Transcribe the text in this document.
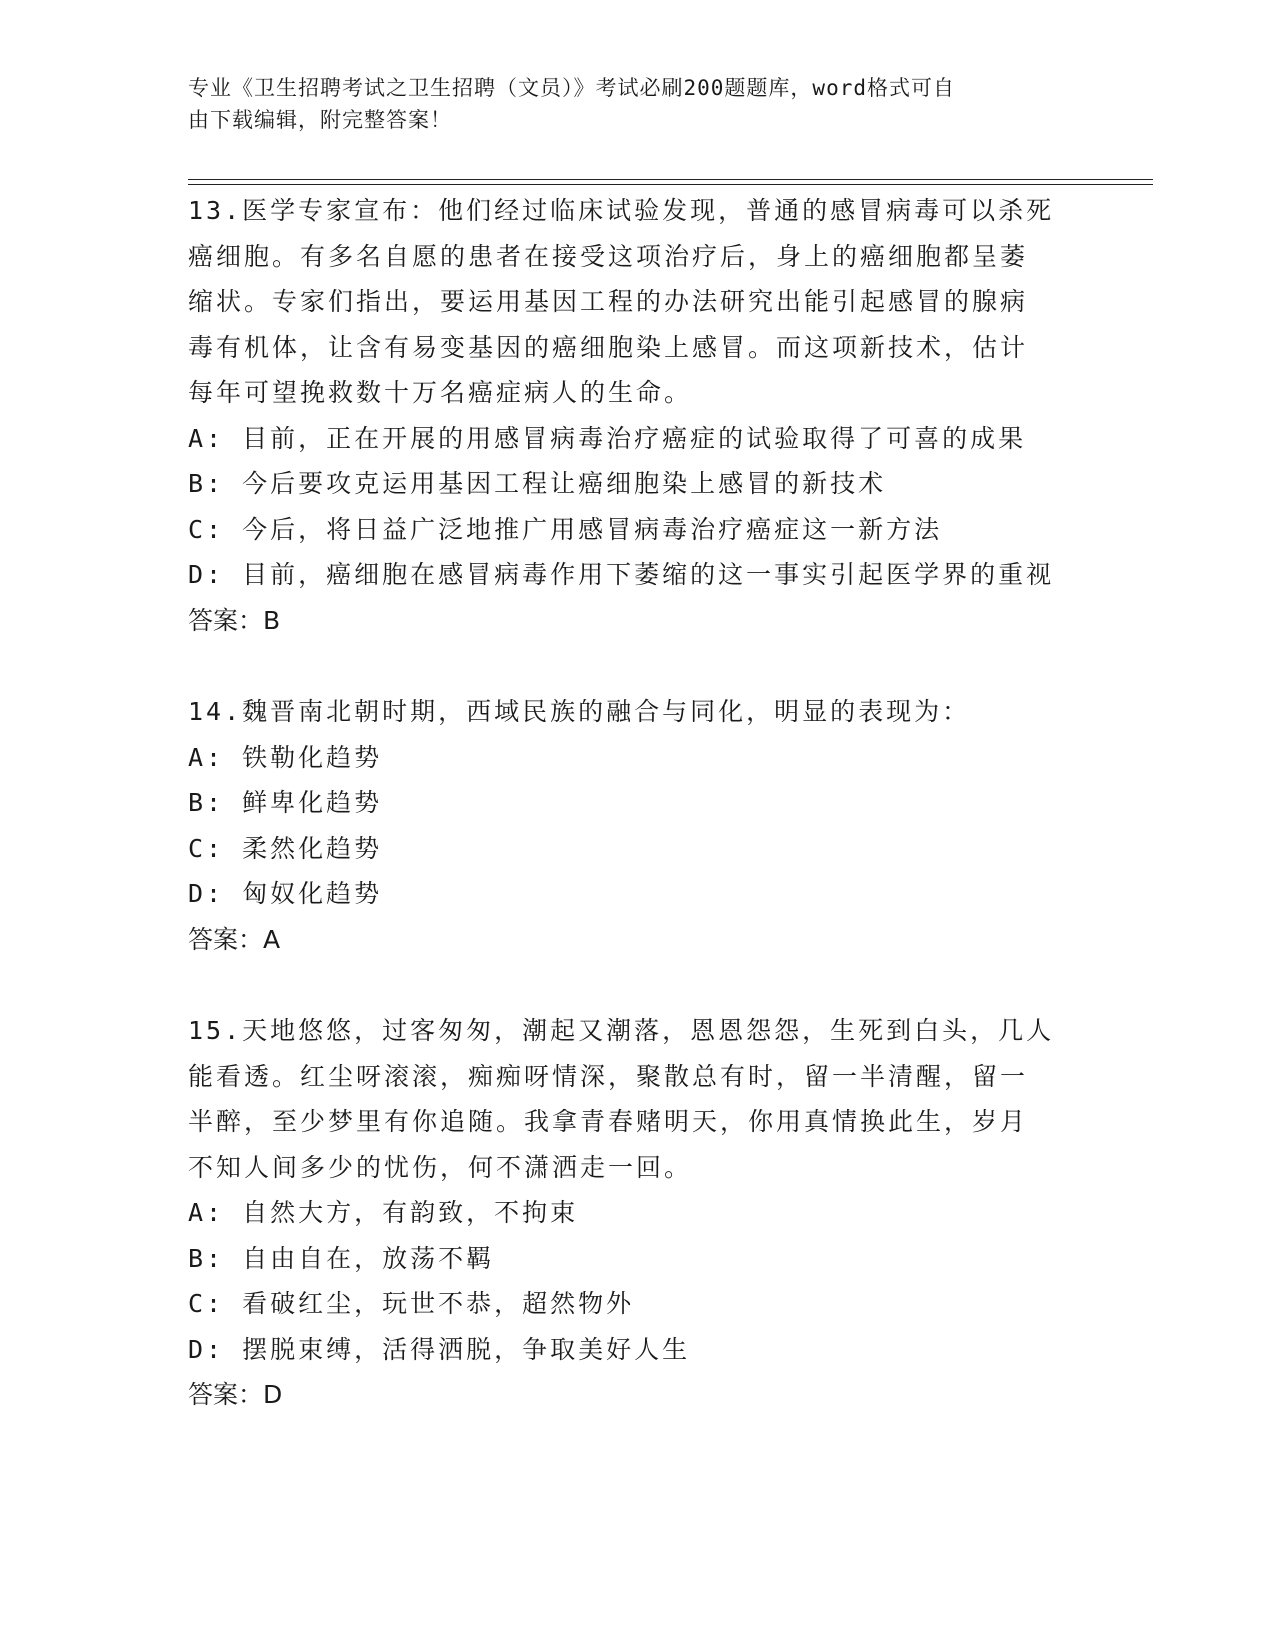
专业《卫生招聘考试之卫生招聘（文员）》考试必刷200题题库，word格式可自
由下载编辑，附完整答案！
13.医学专家宣布：他们经过临床试验发现，普通的感冒病毒可以杀死
癌细胞。有多名自愿的患者在接受这项治疗后，身上的癌细胞都呈萎
缩状。专家们指出，要运用基因工程的办法研究出能引起感冒的腺病
毒有机体，让含有易变基因的癌细胞染上感冒。而这项新技术，估计
每年可望挽救数十万名癌症病人的生命。
A: 目前，正在开展的用感冒病毒治疗癌症的试验取得了可喜的成果
B: 今后要攻克运用基因工程让癌细胞染上感冒的新技术
C: 今后，将日益广泛地推广用感冒病毒治疗癌症这一新方法
D: 目前，癌细胞在感冒病毒作用下萎缩的这一事实引起医学界的重视
答案：B
14.魏晋南北朝时期，西域民族的融合与同化，明显的表现为：
A: 铁勒化趋势
B: 鲜卑化趋势
C: 柔然化趋势
D: 匈奴化趋势
答案：A
15.天地悠悠，过客匆匆，潮起又潮落，恩恩怨怨，生死到白头，几人
能看透。红尘呀滚滚，痴痴呀情深，聚散总有时，留一半清醒，留一
半醉，至少梦里有你追随。我拿青春赌明天，你用真情换此生，岁月
不知人间多少的忧伤，何不潇洒走一回。
A: 自然大方，有韵致，不拘束
B: 自由自在，放荡不羁
C: 看破红尘，玩世不恭，超然物外
D: 摆脱束缚，活得洒脱，争取美好人生
答案：D
